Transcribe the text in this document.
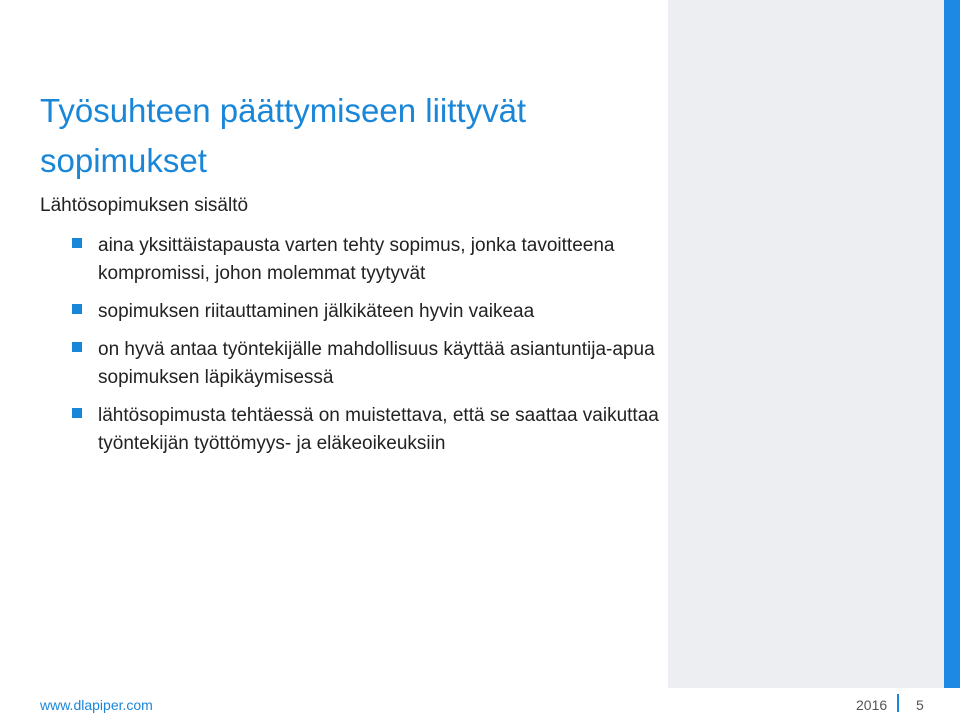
Työsuhteen päättymiseen liittyvät sopimukset

Lähtösopimuksen sisältö

aina yksittäistapausta varten tehty sopimus, jonka tavoitteena kompromissi, johon molemmat tyytyvät
sopimuksen riitauttaminen jälkikäteen hyvin vaikeaa
on hyvä antaa työntekijälle mahdollisuus käyttää asiantuntija-apua sopimuksen läpikäymisessä
lähtösopimusta tehtäessä on muistettava, että se saattaa vaikuttaa työntekijän työttömyys- ja eläkeoikeuksiin
www.dlapiper.com	2016 5
